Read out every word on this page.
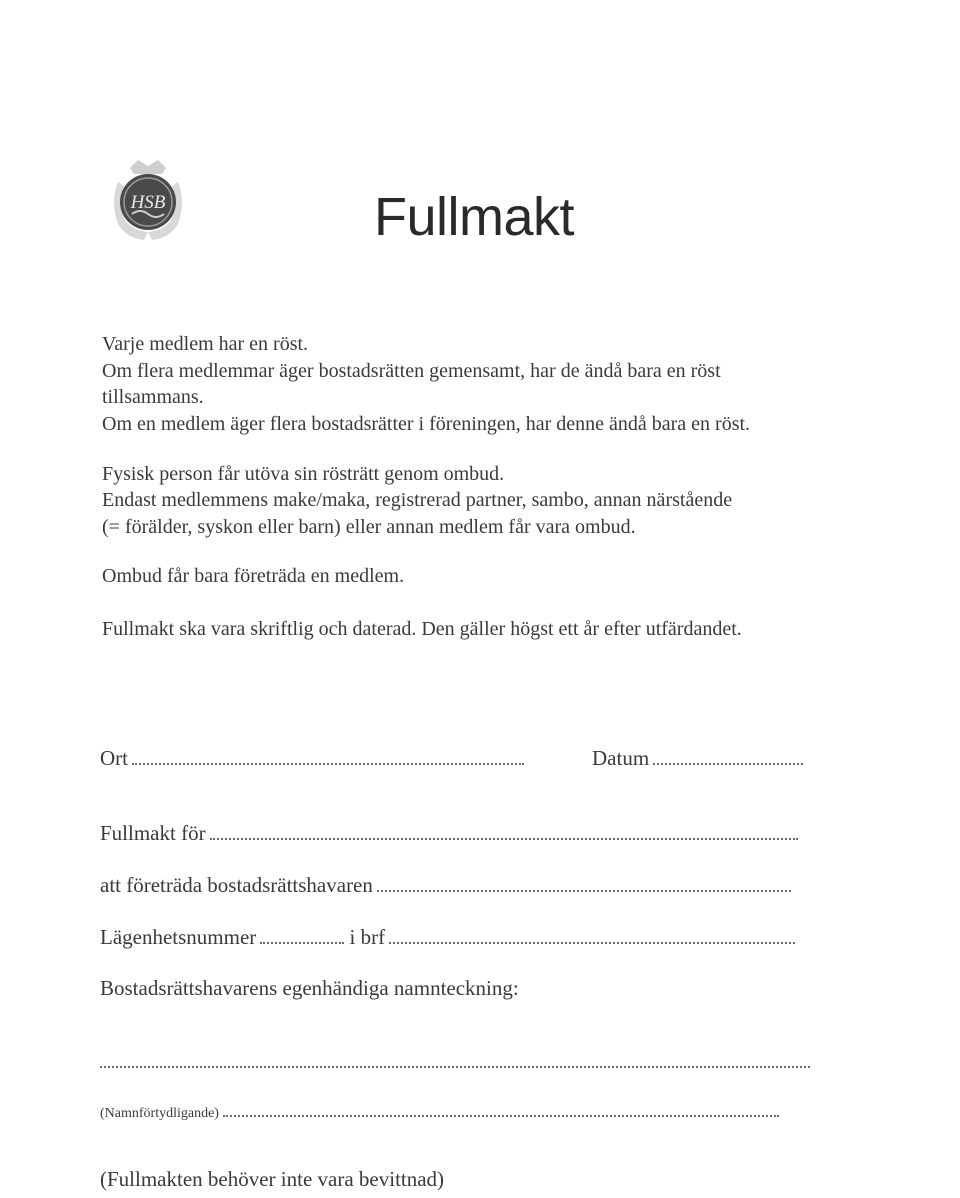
HSB	Fullmakt
Varje medlem har en röst.
Om flera medlemmar äger bostadsrätten gemensamt, har de ändå bara en röst
tillsammans.
Om en medlem äger flera bostadsrätter i föreningen, har denne ändå bara en röst.
Fysisk person får utöva sin rösträtt genom ombud.
Endast medlemmens make/maka, registrerad partner, sambo, annan närstående
(= förälder, syskon eller barn) eller annan medlem får vara ombud.
Ombud får bara företräda en medlem.
Fullmakt ska vara skriftlig och daterad. Den gäller högst ett år efter utfärdandet.
Ort	Datum
Fullmakt för
att företräda bostadsrättshavaren
Lägenhetsnummer	i brf
Bostadsrättshavarens egenhändiga namnteckning:
(Namnförtydligande)
(Fullmakten behöver inte vara bevittnad)
